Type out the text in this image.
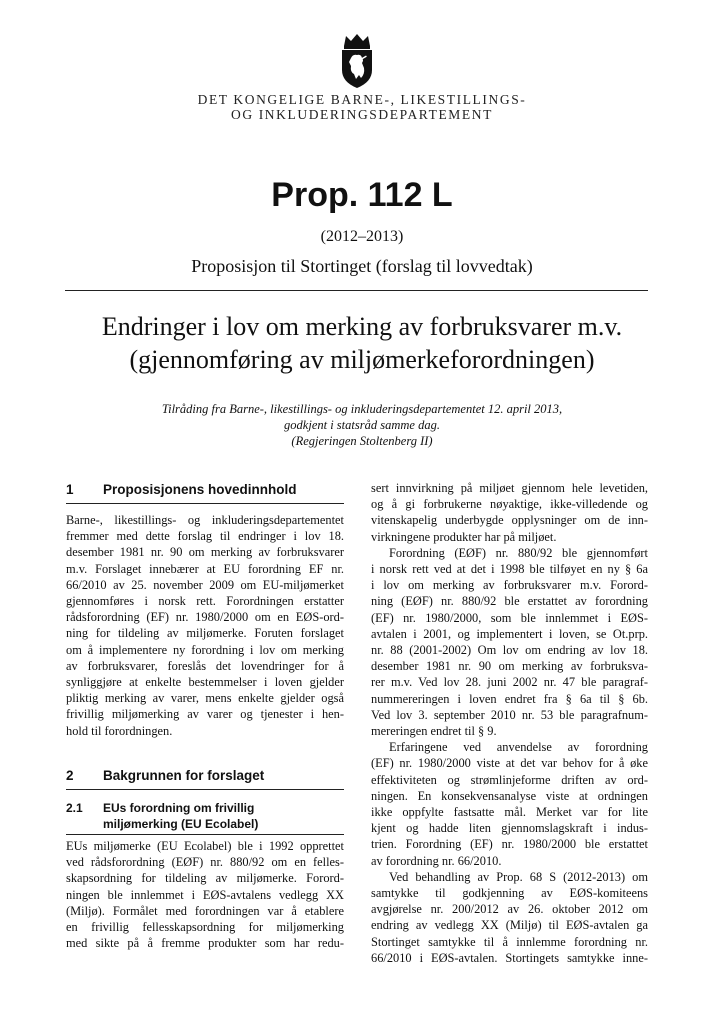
DET KONGELIGE BARNE-, LIKESTILLINGS-
OG INKLUDERINGSDEPARTEMENT
Prop. 112 L
(2012–2013)
Proposisjon til Stortinget (forslag til lovvedtak)
Endringer i lov om merking av forbruksvarer m.v.
(gjennomføring av miljømerkeforordningen)
Tilråding fra Barne-, likestillings- og inkluderingsdepartementet 12. april 2013,
godkjent i statsråd samme dag.
(Regjeringen Stoltenberg II)
1 Proposisjonens hovedinnhold
Barne-, likestillings- og inkluderingsdepartementet
fremmer med dette forslag til endringer i lov 18.
desember 1981 nr. 90 om merking av forbruksvarer
m.v. Forslaget innebærer at EU forordning EF nr.
66/2010 av 25. november 2009 om EU-miljømerket
gjennomføres i norsk rett. Forordningen erstatter
rådsforordning (EF) nr. 1980/2000 om en EØS-ord-
ning for tildeling av miljømerke. Foruten forslaget
om å implementere ny forordning i lov om merking
av forbruksvarer, foreslås det lovendringer for å
synliggjøre at enkelte bestemmelser i loven gjelder
pliktig merking av varer, mens enkelte gjelder også
frivillig miljømerking av varer og tjenester i hen-
hold til forordningen.
2 Bakgrunnen for forslaget
2.1 EUs forordning om frivillig
miljømerking (EU Ecolabel)
EUs miljømerke (EU Ecolabel) ble i 1992 opprettet
ved rådsforordning (EØF) nr. 880/92 om en felles-
skapsordning for tildeling av miljømerke. Forord-
ningen ble innlemmet i EØS-avtalens vedlegg XX
(Miljø). Formålet med forordningen var å etablere
en frivillig fellesskapsordning for miljømerking
med sikte på å fremme produkter som har redu-
sert innvirkning på miljøet gjennom hele levetiden,
og å gi forbrukerne nøyaktige, ikke-villedende og
vitenskapelig underbygde opplysninger om de inn-
virkningene produkter har på miljøet.
Forordning (EØF) nr. 880/92 ble gjennomført
i norsk rett ved at det i 1998 ble tilføyet en ny § 6a
i lov om merking av forbruksvarer m.v. Forord-
ning (EØF) nr. 880/92 ble erstattet av forordning
(EF) nr. 1980/2000, som ble innlemmet i EØS-
avtalen i 2001, og implementert i loven, se Ot.prp.
nr. 88 (2001-2002) Om lov om endring av lov 18.
desember 1981 nr. 90 om merking av forbruksva-
rer m.v. Ved lov 28. juni 2002 nr. 47 ble paragraf-
nummereringen i loven endret fra § 6a til § 6b.
Ved lov 3. september 2010 nr. 53 ble paragrafnum-
mereringen endret til § 9.
Erfaringene ved anvendelse av forordning
(EF) nr. 1980/2000 viste at det var behov for å øke
effektiviteten og strømlinjeforme driften av ord-
ningen. En konsekvensanalyse viste at ordningen
ikke oppfylte fastsatte mål. Merket var for lite
kjent og hadde liten gjennomslagskraft i indus-
trien. Forordning (EF) nr. 1980/2000 ble erstattet
av forordning nr. 66/2010.
Ved behandling av Prop. 68 S (2012-2013) om
samtykke til godkjenning av EØS-komiteens
avgjørelse nr. 200/2012 av 26. oktober 2012 om
endring av vedlegg XX (Miljø) til EØS-avtalen ga
Stortinget samtykke til å innlemme forordning nr.
66/2010 i EØS-avtalen. Stortingets samtykke inne-
